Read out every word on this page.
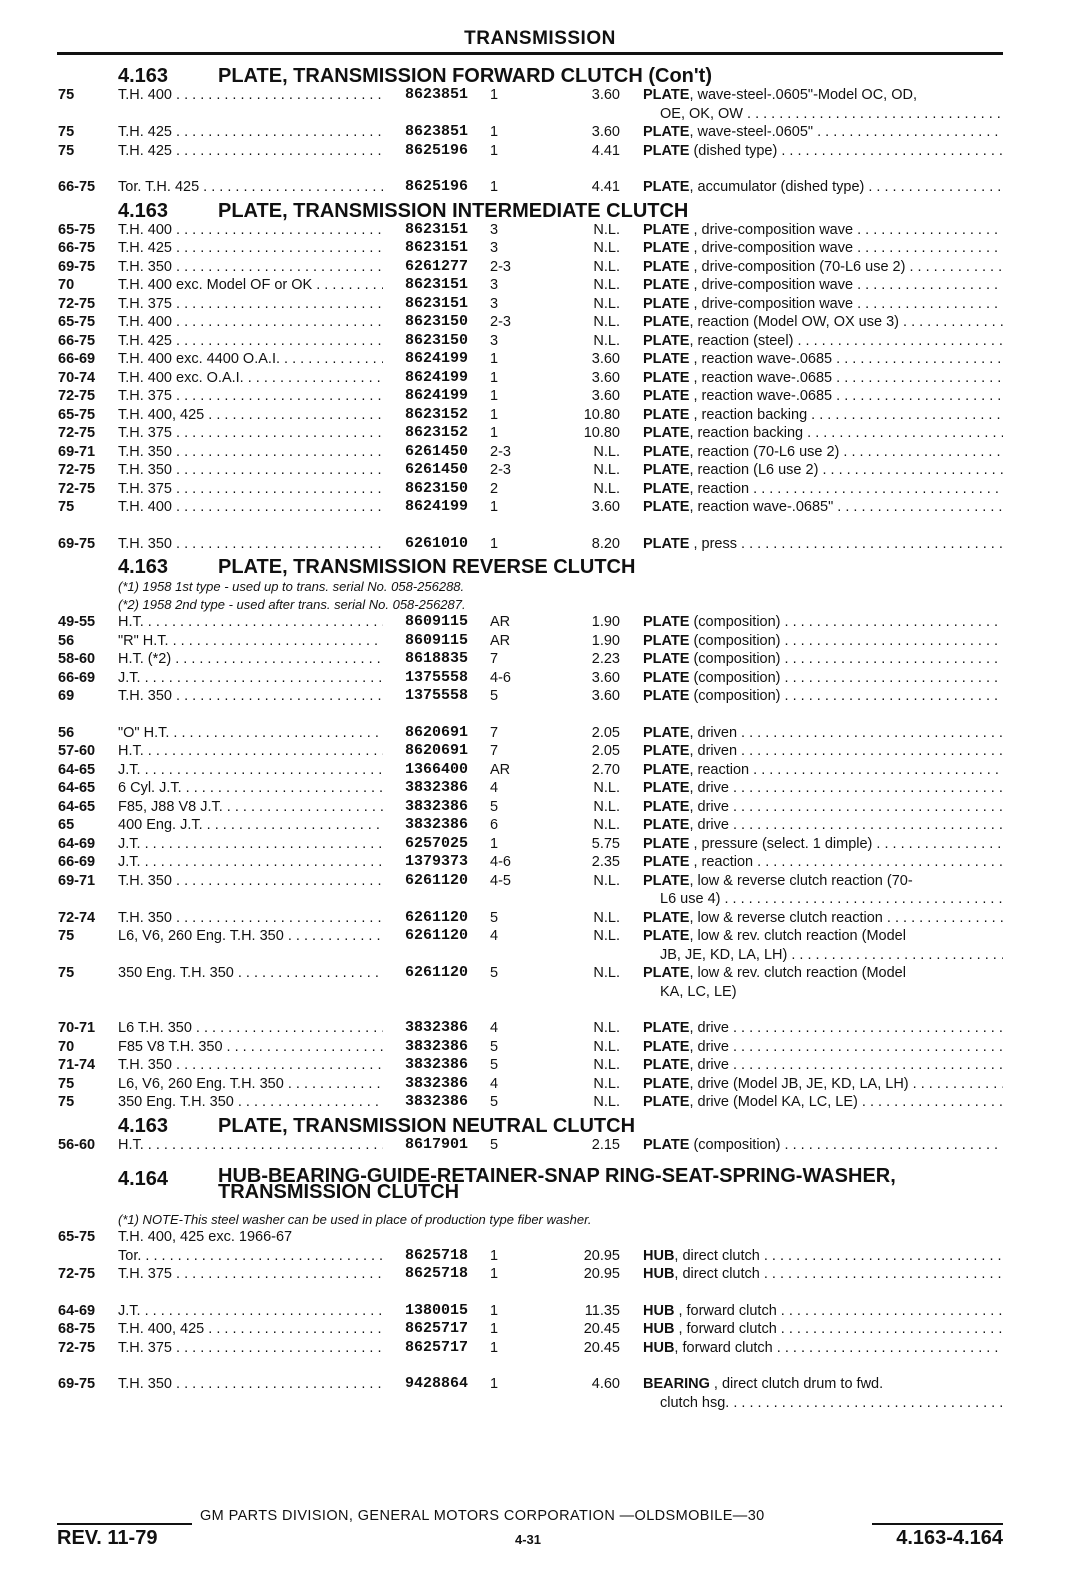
TRANSMISSION
4.163 PLATE, TRANSMISSION FORWARD CLUTCH (Con't)
75	T.H. 400 . . .	8623851 1	3.60 PLATE, wave-steel-.0605"-Model OC, OD,
OE, OK, OW . . .
75	T.H. 425 . . .	8623851 1	3.60 PLATE, wave-steel-.0605" . . .
75	T.H. 425 . . .	8625196 1	4.41 PLATE (dished type) . . .
66-75 Tor. T.H. 425 . . .	8625196 1	4.41 PLATE, accumulator (dished type) . . .
4.163 PLATE, TRANSMISSION INTERMEDIATE CLUTCH
65-75 T.H. 400 . . .	8623151 3	N.L. PLATE , drive-composition wave . . .
66-75 T.H. 425 . . .	8623151 3	N.L. PLATE , drive-composition wave . . .
69-75 T.H. 350 . . .	6261277 2-3	N.L. PLATE , drive-composition (70-L6 use 2) . . .
70	T.H. 400 exc. Model OF or OK . . .	8623151 3	N.L. PLATE , drive-composition wave . . .
72-75 T.H. 375 . . .	8623151 3	N.L. PLATE , drive-composition wave . . .
65-75 T.H. 400 . . .	8623150 2-3	N.L. PLATE, reaction (Model OW, OX use 3) . . .
66-75 T.H. 425 . . .	8623150 3	N.L. PLATE, reaction (steel) . . .
66-69 T.H. 400 exc. 4400 O.A.I. . . .	8624199 1	3.60 PLATE , reaction wave-.0685 . . .
70-74 T.H. 400 exc. O.A.I. . . .	8624199 1	3.60 PLATE , reaction wave-.0685 . . .
72-75 T.H. 375 . . .	8624199 1	3.60 PLATE , reaction wave-.0685 . . .
65-75 T.H. 400, 425 . . .	8623152 1	10.80 PLATE , reaction backing . . .
72-75 T.H. 375 . . .	8623152 1	10.80 PLATE, reaction backing . . .
69-71 T.H. 350 . . .	6261450 2-3	N.L. PLATE, reaction (70-L6 use 2) . . .
72-75 T.H. 350 . . .	6261450 2-3	N.L. PLATE, reaction (L6 use 2) . . .
72-75 T.H. 375 . . .	8623150 2	N.L. PLATE, reaction . . .
75	T.H. 400 . . .	8624199 1	3.60 PLATE, reaction wave-.0685" . . .
69-75 T.H. 350 . . .	6261010 1	8.20 PLATE , press . . .
4.163 PLATE, TRANSMISSION REVERSE CLUTCH
(*1) 1958 1st type - used up to trans. serial No. 058-256288.
(*2) 1958 2nd type - used after trans. serial No. 058-256287.
49-55 H.T. . . .	8609115 AR	1.90 PLATE (composition) . . .
56	"R" H.T. . . .	8609115 AR	1.90 PLATE (composition) . . .
58-60 H.T. (*2) . . .	8618835 7	2.23 PLATE (composition) . . .
66-69 J.T. . . .	1375558 4-6	3.60 PLATE (composition) . . .
69	T.H. 350 . . .	1375558 5	3.60 PLATE (composition) . . .
56	"O" H.T. . . .	8620691 7	2.05 PLATE, driven . . .
57-60 H.T. . . .	8620691 7	2.05 PLATE, driven . . .
64-65 J.T. . . .	1366400 AR	2.70 PLATE, reaction . . .
64-65 6 Cyl. J.T. . . .	3832386 4	N.L. PLATE, drive . . .
64-65 F85, J88 V8 J.T. . . .	3832386 5	N.L. PLATE, drive . . .
65	400 Eng. J.T. . . .	3832386 6	N.L. PLATE, drive . . .
64-69 J.T. . . .	6257025 1	5.75 PLATE , pressure (select. 1 dimple) . . .
66-69 J.T. . . .	1379373 4-6	2.35 PLATE , reaction . . .
69-71 T.H. 350 . . .	6261120 4-5	N.L. PLATE, low & reverse clutch reaction (70-
L6 use 4) . . .
72-74 T.H. 350 . . .	6261120 5	N.L. PLATE, low & reverse clutch reaction . . .
75	L6, V6, 260 Eng. T.H. 350 . . .	6261120 4	N.L. PLATE, low & rev. clutch reaction (Model
JB, JE, KD, LA, LH) . . .
75	350 Eng. T.H. 350 . . .	6261120 5	N.L. PLATE, low & rev. clutch reaction (Model
KA, LC, LE)
70-71 L6 T.H. 350 . . .	3832386 4	N.L. PLATE, drive . . .
70	F85 V8 T.H. 350 . . .	3832386 5	N.L. PLATE, drive . . .
71-74 T.H. 350 . . .	3832386 5	N.L. PLATE, drive . . .
75	L6, V6, 260 Eng. T.H. 350 . . .	3832386 4	N.L. PLATE, drive (Model JB, JE, KD, LA, LH) . . .
75	350 Eng. T.H. 350 . . .	3832386 5	N.L. PLATE, drive (Model KA, LC, LE) . . .
4.163 PLATE, TRANSMISSION NEUTRAL CLUTCH
56-60 H.T. . . .	8617901 5	2.15 PLATE (composition) . . .
4.164 HUB-BEARING-GUIDE-RETAINER-SNAP RING-SEAT-SPRING-WASHER, TRANSMISSION CLUTCH
(*1) NOTE-This steel washer can be used in place of production type fiber washer.
65-75 T.H. 400, 425 exc. 1966-67
Tor. . . .	8625718 1	20.95 HUB, direct clutch . . .
72-75 T.H. 375 . . .	8625718 1	20.95 HUB, direct clutch . . .
64-69 J.T. . . .	1380015 1	11.35 HUB , forward clutch . . .
68-75 T.H. 400, 425 . . .	8625717 1	20.45 HUB , forward clutch . . .
72-75 T.H. 375 . . .	8625717 1	20.45 HUB, forward clutch . . .
69-75 T.H. 350 . . .	9428864 1	4.60 BEARING , direct clutch drum to fwd.
clutch hsg. . . .
GM PARTS DIVISION, GENERAL MOTORS CORPORATION —OLDSMOBILE—30
REV. 11-79	4-31	4.163-4.164
